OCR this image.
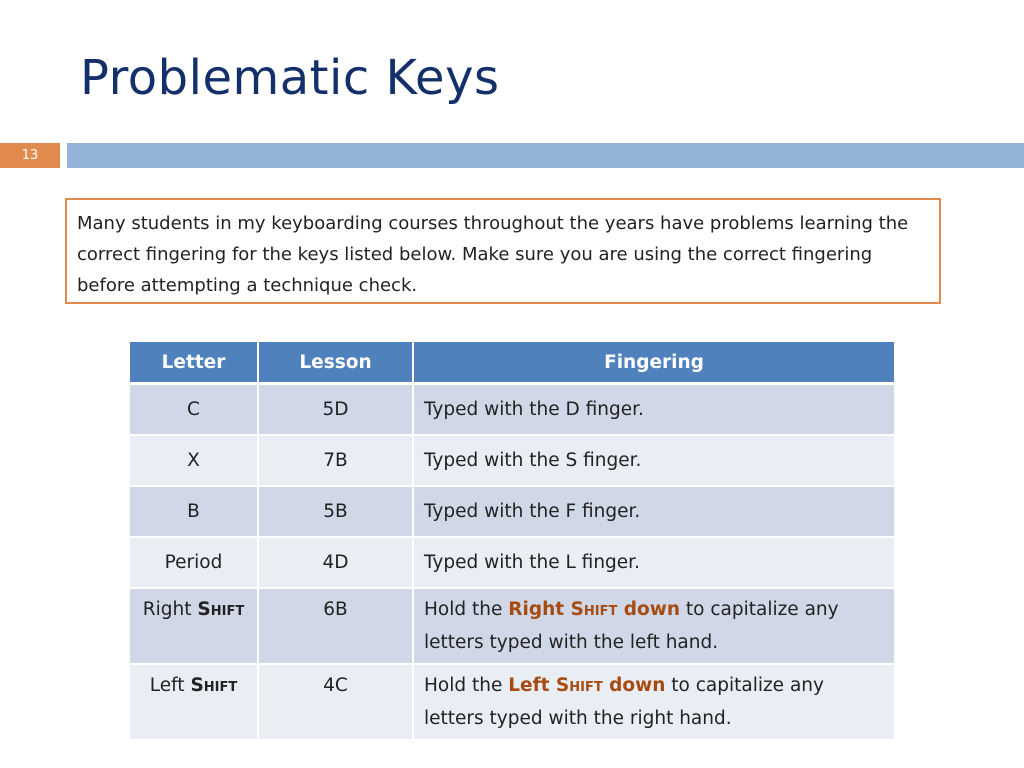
Problematic Keys
13
Many students in my keyboarding courses throughout the years have problems learning the correct fingering for the keys listed below. Make sure you are using the correct fingering before attempting a technique check.
Letter	Lesson	Fingering
C	5D	Typed with the D finger.
X	7B	Typed with the S finger.
B	5B	Typed with the F finger.
Period	4D	Typed with the L finger.
Right SHIFT	6B	Hold the Right SHIFT down to capitalize any letters typed with the left hand.
Left SHIFT	4C	Hold the Left SHIFT down to capitalize any letters typed with the right hand.
